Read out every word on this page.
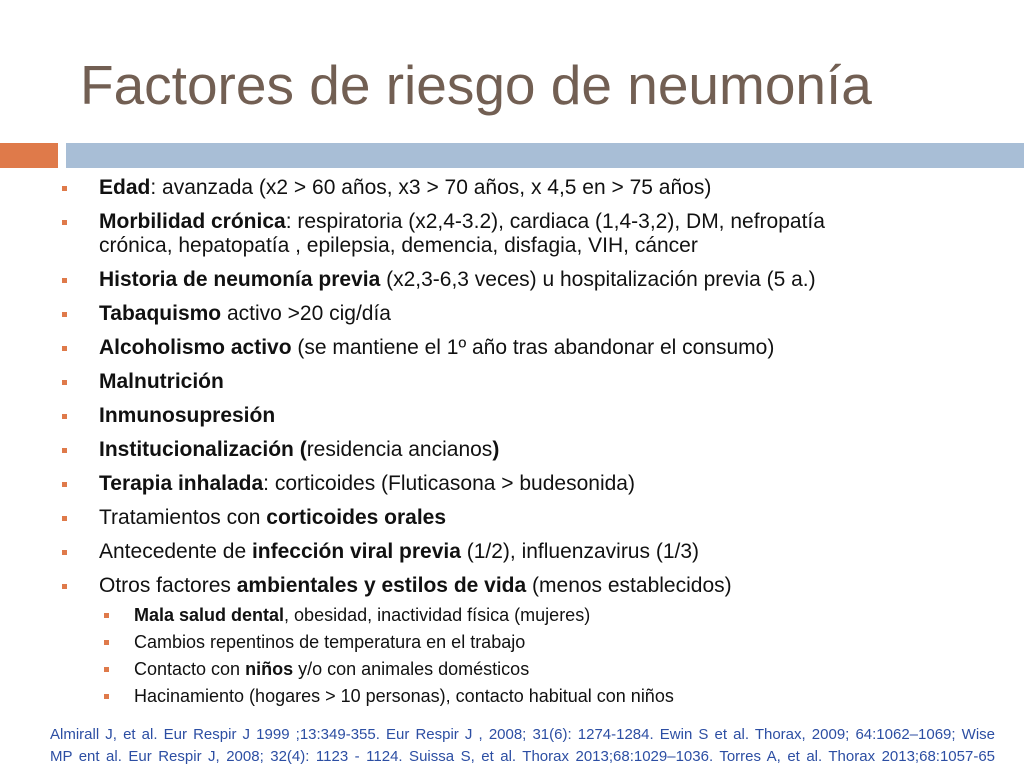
Factores de riesgo de neumonía
Edad: avanzada (x2 > 60 años, x3 > 70 años, x 4,5 en > 75 años)
Morbilidad crónica: respiratoria (x2,4-3.2), cardiaca (1,4-3,2), DM, nefropatía
crónica, hepatopatía , epilepsia, demencia, disfagia, VIH, cáncer
Historia de neumonía previa (x2,3-6,3 veces) u hospitalización previa (5 a.)
Tabaquismo activo >20 cig/día
Alcoholismo activo (se mantiene el 1º año tras abandonar el consumo)
Malnutrición
Inmunosupresión
Institucionalización (residencia ancianos)
Terapia inhalada: corticoides (Fluticasona > budesonida)
Tratamientos con corticoides orales
Antecedente de infección viral previa (1/2), influenzavirus (1/3)
Otros factores ambientales y estilos de vida (menos establecidos)
Mala salud dental, obesidad, inactividad física (mujeres)
Cambios repentinos de temperatura en el trabajo
Contacto con niños y/o con animales domésticos
Hacinamiento (hogares > 10 personas), contacto habitual con niños
Almirall J, et al. Eur Respir J 1999 ;13:349-355. Eur Respir J , 2008; 31(6): 1274-1284. Ewin S et al. Thorax, 2009; 64:1062–1069; Wise
MP ent al. Eur Respir J, 2008; 32(4): 1123 - 1124. Suissa S, et al. Thorax 2013;68:1029–1036. Torres A, et al. Thorax 2013;68:1057-65
